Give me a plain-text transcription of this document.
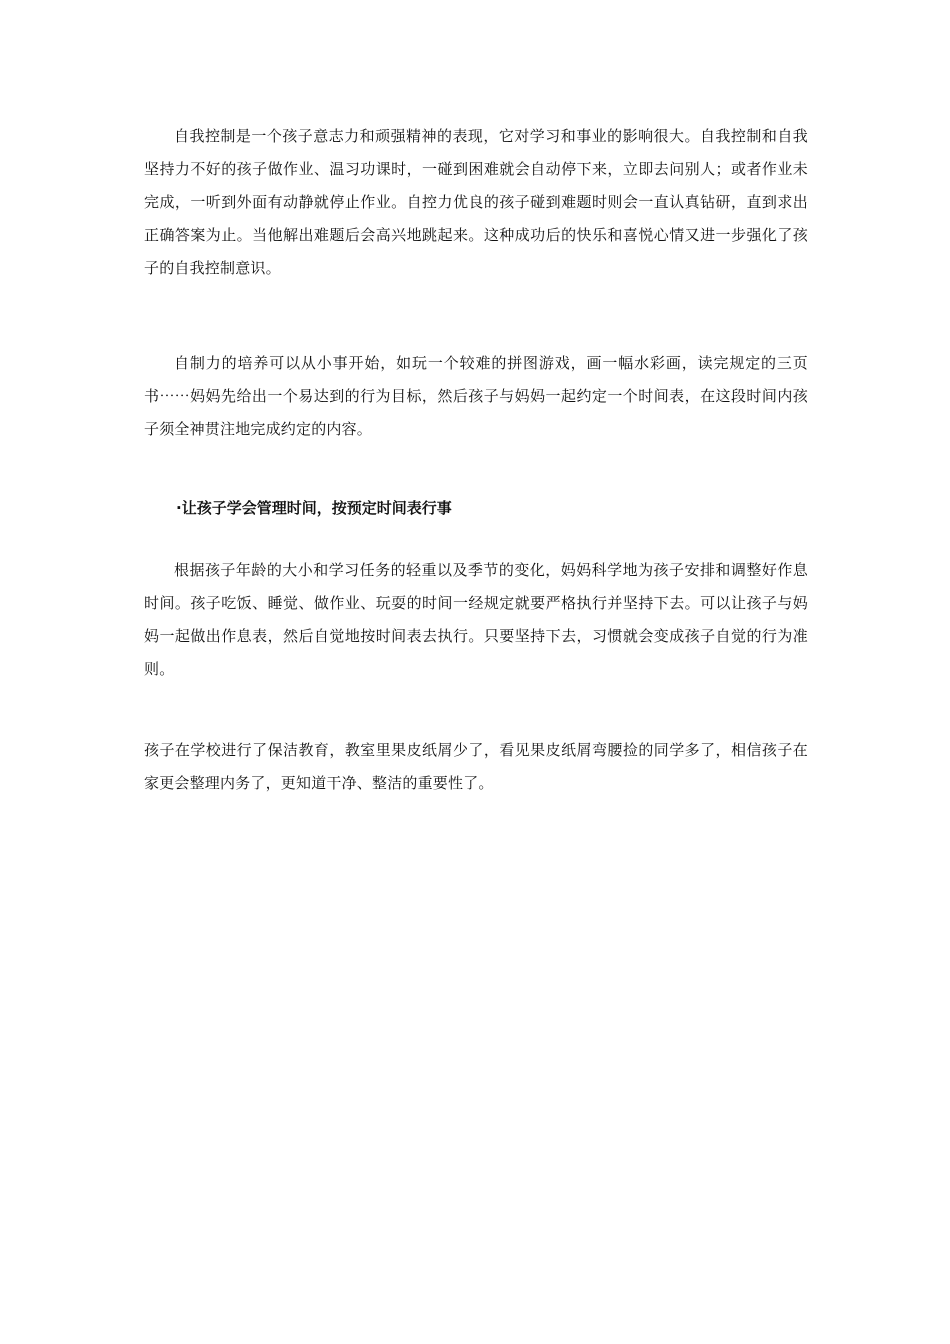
自我控制是一个孩子意志力和顽强精神的表现，它对学习和事业的影响很大。自我控制和自我坚持力不好的孩子做作业、温习功课时，一碰到困难就会自动停下来，立即去问别人；或者作业未完成，一听到外面有动静就停止作业。自控力优良的孩子碰到难题时则会一直认真钻研，直到求出正确答案为止。当他解出难题后会高兴地跳起来。这种成功后的快乐和喜悦心情又进一步强化了孩子的自我控制意识。

自制力的培养可以从小事开始，如玩一个较难的拼图游戏，画一幅水彩画，读完规定的三页书⋯⋯妈妈先给出一个易达到的行为目标，然后孩子与妈妈一起约定一个时间表，在这段时间内孩子须全神贯注地完成约定的内容。

·让孩子学会管理时间，按预定时间表行事

根据孩子年龄的大小和学习任务的轻重以及季节的变化，妈妈科学地为孩子安排和调整好作息时间。孩子吃饭、睡觉、做作业、玩耍的时间一经规定就要严格执行并坚持下去。可以让孩子与妈妈一起做出作息表，然后自觉地按时间表去执行。只要坚持下去，习惯就会变成孩子自觉的行为准则。

孩子在学校进行了保洁教育，教室里果皮纸屑少了，看见果皮纸屑弯腰捡的同学多了，相信孩子在家更会整理内务了，更知道干净、整洁的重要性了。
